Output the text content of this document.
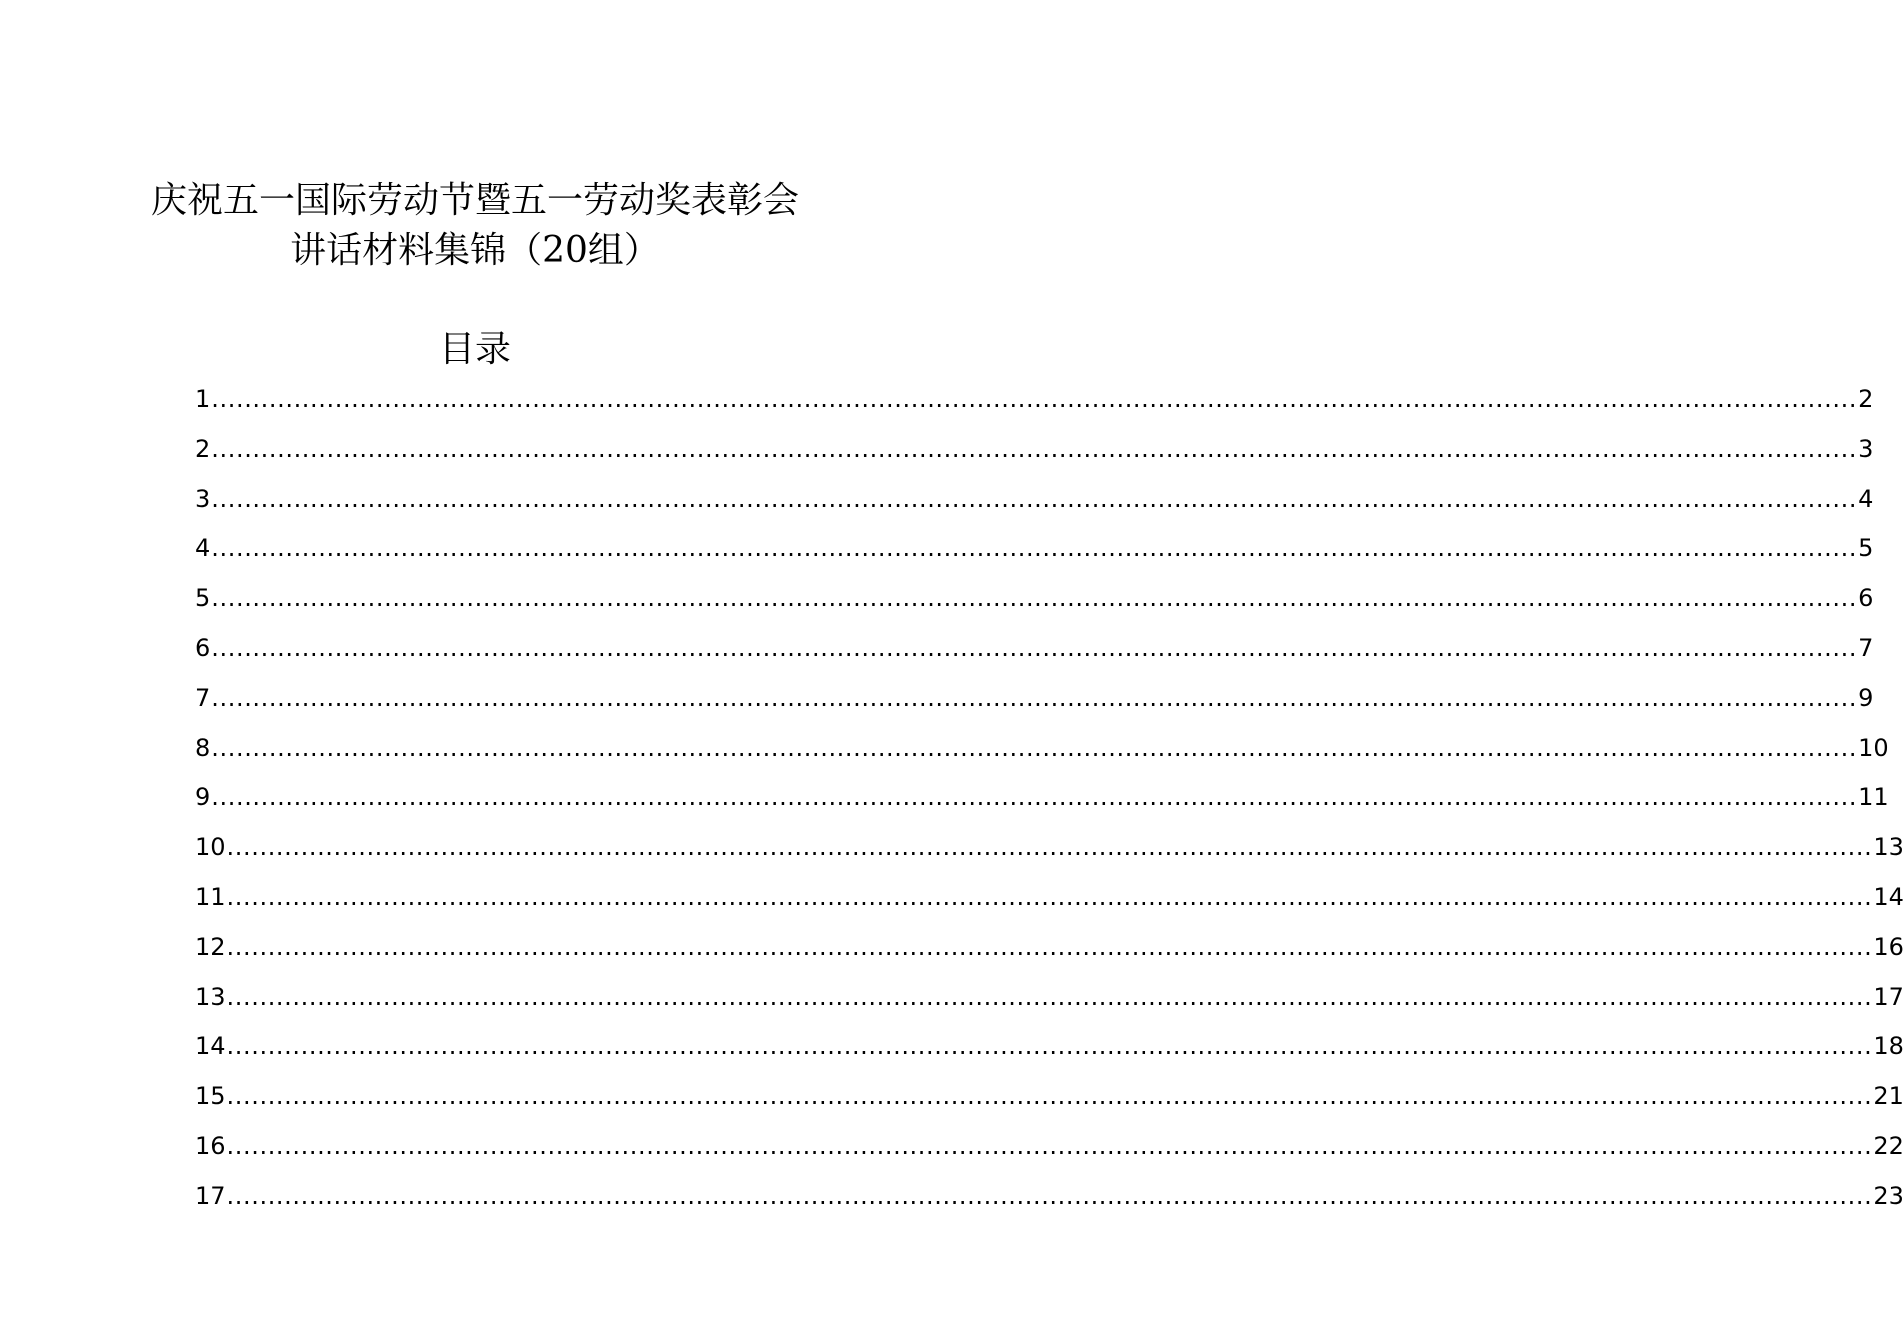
庆祝五一国际劳动节暨五一劳动奖表彰会
讲话材料集锦（20组）
目录
1 ........................................................................................................................................................................................................ 2
2 ........................................................................................................................................................................................................ 3
3 ........................................................................................................................................................................................................ 4
4 ........................................................................................................................................................................................................ 5
5 ........................................................................................................................................................................................................ 6
6 ........................................................................................................................................................................................................ 7
7 ........................................................................................................................................................................................................ 9
8 ........................................................................................................................................................................................................ 10
9 ........................................................................................................................................................................................................ 11
10 ........................................................................................................................................................................................................ 13
11 ........................................................................................................................................................................................................ 14
12 ........................................................................................................................................................................................................ 16
13 ........................................................................................................................................................................................................ 17
14 ........................................................................................................................................................................................................ 18
15 ........................................................................................................................................................................................................ 21
16 ........................................................................................................................................................................................................ 22
17 ........................................................................................................................................................................................................ 23
